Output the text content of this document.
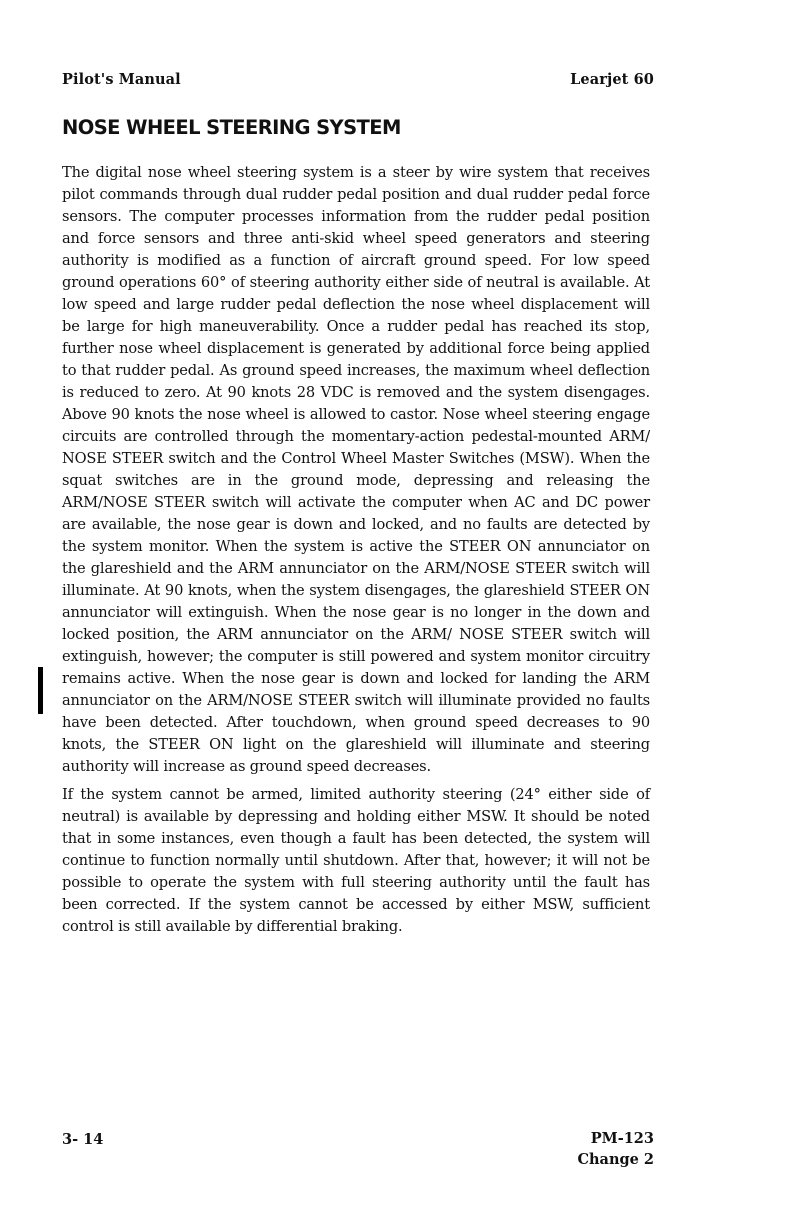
Pilot's Manual	Learjet 60
NOSE WHEEL STEERING SYSTEM

The digital nose wheel steering system is a steer by wire system that receives pilot commands through dual rudder pedal position and dual rudder pedal force sensors. The computer processes information from the rudder pedal position and force sensors and three anti-skid wheel speed generators and steering authority is modified as a function of aircraft ground speed. For low speed ground operations 60° of steering authority either side of neutral is available. At low speed and large rudder pedal deflection the nose wheel displacement will be large for high maneuverability. Once a rudder pedal has reached its stop, further nose wheel displacement is generated by additional force being applied to that rudder pedal. As ground speed increases, the maximum wheel deflection is reduced to zero. At 90 knots 28 VDC is removed and the system disengages. Above 90 knots the nose wheel is allowed to castor. Nose wheel steering engage circuits are controlled through the momentary-action pedestal-mounted ARM/ NOSE STEER switch and the Control Wheel Master Switches (MSW). When the squat switches are in the ground mode, depressing and releasing the ARM/NOSE STEER switch will activate the computer when AC and DC power are available, the nose gear is down and locked, and no faults are detected by the system monitor. When the system is active the STEER ON annunciator on the glareshield and the ARM annunciator on the ARM/NOSE STEER switch will illuminate. At 90 knots, when the system disengages, the glareshield STEER ON annunciator will extinguish. When the nose gear is no longer in the down and locked position, the ARM annunciator on the ARM/ NOSE STEER switch will extinguish, however; the computer is still powered and system monitor circuitry remains active. When the nose gear is down and locked for landing the ARM annunciator on the ARM/NOSE STEER switch will illuminate provided no faults have been detected. After touchdown, when ground speed decreases to 90 knots, the STEER ON light on the glareshield will illuminate and steering authority will increase as ground speed decreases.

If the system cannot be armed, limited authority steering (24° either side of neutral) is available by depressing and holding either MSW. It should be noted that in some instances, even though a fault has been detected, the system will continue to function normally until shutdown. After that, however; it will not be possible to operate the system with full steering authority until the fault has been corrected. If the system cannot be accessed by either MSW, sufficient control is still available by differential braking.

3- 14	PM-123
Change 2
